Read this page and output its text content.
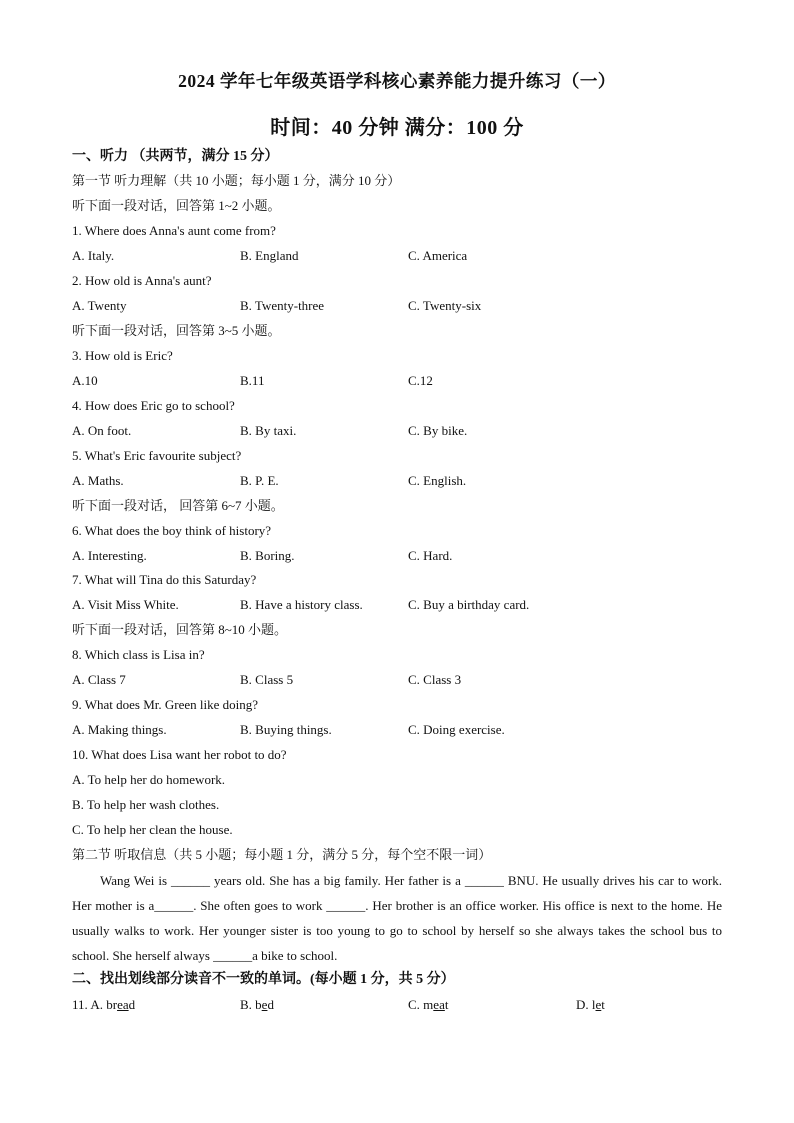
2024 学年七年级英语学科核心素养能力提升练习（一）
时间：40 分钟 满分：100 分
一、听力 （共两节，满分 15 分）
第一节 听力理解（共 10 小题；每小题 1 分，满分 10 分）
听下面一段对话，回答第 1~2 小题。
1. Where does Anna's aunt come from?
A. Italy.	B. England	C. America
2. How old is Anna's aunt?
A. Twenty	B. Twenty-three	C. Twenty-six
听下面一段对话，回答第 3~5 小题。
3. How old is Eric?
A.10	B.11	C.12
4. How does Eric go to school?
A. On foot.	B. By taxi.	C. By bike.
5. What's Eric favourite subject?
A. Maths.	B. P. E.	C. English.
听下面一段对话， 回答第 6~7 小题。
6. What does the boy think of history?
A. Interesting.	B. Boring.	C. Hard.
7. What will Tina do this Saturday?
A. Visit Miss White.	B. Have a history class.	C. Buy a birthday card.
听下面一段对话，回答第 8~10 小题。
8. Which class is Lisa in?
A. Class 7	B. Class 5	C. Class 3
9. What does Mr. Green like doing?
A. Making things.	B. Buying things.	C. Doing exercise.
10. What does Lisa want her robot to do?
A. To help her do homework.
B. To help her wash clothes.
C. To help her clean the house.
第二节 听取信息（共 5 小题；每小题 1 分，满分 5 分，每个空不限一词）
Wang Wei is ______ years old. She has a big family. Her father is a ______ BNU. He usually drives his car to work. Her mother is a______. She often goes to work ______. Her brother is an office worker. His office is next to the home. He usually walks to work. Her younger sister is too young to go to school by herself so she always takes the school bus to school. She herself always ______a bike to school.
二、找出划线部分读音不一致的单词。(每小题 1 分，共 5 分）
11. A. bread	B. bed	C. meat	D. let
